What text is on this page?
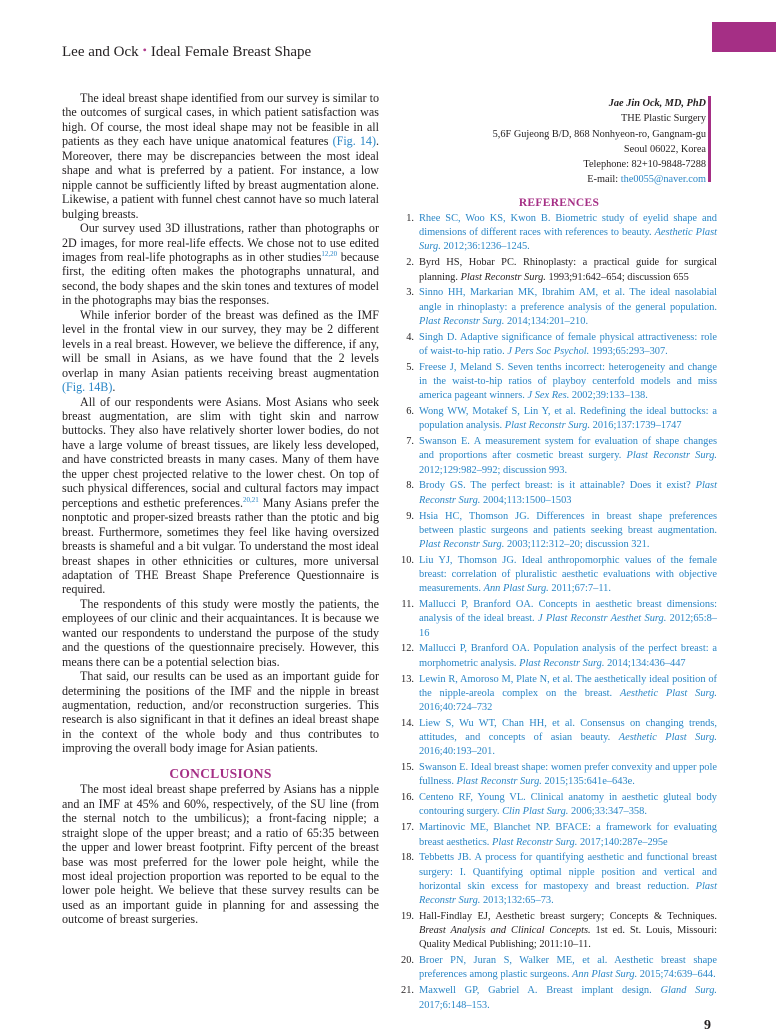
Lee and Ock • Ideal Female Breast Shape

The ideal breast shape identified from our survey is similar to the outcomes of surgical cases, in which patient satisfaction was high. Of course, the most ideal shape may not be feasible in all patients as they each have unique anatomical features (Fig. 14). Moreover, there may be discrepancies between the most ideal shape and what is preferred by a patient. For instance, a low nipple cannot be sufficiently lifted by breast augmentation alone. Likewise, a patient with funnel chest cannot have so much lateral bulging breasts.

Our survey used 3D illustrations, rather than photographs or 2D images, for more real-life effects. We chose not to use edited images from real-life photographs as in other studies$^{12,20}$ because first, the editing often makes the photographs unnatural, and second, the body shapes and the skin tones and textures of model in the photographs may bias the responses.

While inferior border of the breast was defined as the IMF level in the frontal view in our survey, they may be 2 different levels in a real breast. However, we believe the difference, if any, will be small in Asians, as we have found that the 2 levels overlap in many Asian patients receiving breast augmentation (Fig. 14B).

All of our respondents were Asians. Most Asians who seek breast augmentation, are slim with tight skin and narrow buttocks. They also have relatively shorter lower bodies, do not have a large volume of breast tissues, are likely less developed, and have constricted breasts in many cases. Many of them have the upper chest projected relative to the lower chest. On top of such physical differences, social and cultural factors may impact perceptions and esthetic preferences.$^{20,21}$ Many Asians prefer the nonptotic and proper-sized breasts rather than the ptotic and big breast. Furthermore, sometimes they feel like having oversized breasts is shameful and a bit vulgar. To understand the most ideal breast shapes in other ethnicities or cultures, more universal adaptation of THE Breast Shape Preference Questionnaire is required.

The respondents of this study were mostly the patients, the employees of our clinic and their acquaintances. It is because we wanted our respondents to understand the purpose of the study and the questions of the questionnaire precisely. However, this means there can be a potential selection bias.

That said, our results can be used as an important guide for determining the positions of the IMF and the nipple in breast augmentation, reduction, and/or reconstruction surgeries. This research is also significant in that it defines an ideal breast shape in the context of the whole body and thus contributes to improving the overall body image for Asian patients.

CONCLUSIONS

The most ideal breast shape preferred by Asians has a nipple and an IMF at 45% and 60%, respectively, of the SU line (from the sternal notch to the umbilicus); a front-facing nipple; a straight slope of the upper breast; and a ratio of 65:35 between the upper and lower breast footprint. Fifty percent of the breast base was most preferred for the lower pole height, while the most ideal projection proportion was reported to be equal to the lower pole height. We believe that these survey results can be used as an important guide in planning for and assessing the outcome of breast surgeries.

Jae Jin Ock, MD, PhD
THE Plastic Surgery
5,6F Gujeong B/D, 868 Nonhyeon-ro, Gangnam-gu
Seoul 06022, Korea
Telephone: 82+10-9848-7288
E-mail: the0055@naver.com
REFERENCES
1. Rhee SC, Woo KS, Kwon B. Biometric study of eyelid shape and dimensions of different races with references to beauty. Aesthetic Plast Surg. 2012;36:1236–1245.
2. Byrd HS, Hobar PC. Rhinoplasty: a practical guide for surgical planning. Plast Reconstr Surg. 1993;91:642–654; discussion 655
3. Sinno HH, Markarian MK, Ibrahim AM, et al. The ideal nasolabial angle in rhinoplasty: a preference analysis of the general population. Plast Reconstr Surg. 2014;134:201–210.
4. Singh D. Adaptive significance of female physical attractiveness: role of waist-to-hip ratio. J Pers Soc Psychol. 1993;65:293–307.
5. Freese J, Meland S. Seven tenths incorrect: heterogeneity and change in the waist-to-hip ratios of playboy centerfold models and miss america pageant winners. J Sex Res. 2002;39:133–138.
6. Wong WW, Motakef S, Lin Y, et al. Redefining the ideal buttocks: a population analysis. Plast Reconstr Surg. 2016;137:1739–1747
7. Swanson E. A measurement system for evaluation of shape changes and proportions after cosmetic breast surgery. Plast Reconstr Surg. 2012;129:982–992; discussion 993.
8. Brody GS. The perfect breast: is it attainable? Does it exist? Plast Reconstr Surg. 2004;113:1500–1503
9. Hsia HC, Thomson JG. Differences in breast shape preferences between plastic surgeons and patients seeking breast augmentation. Plast Reconstr Surg. 2003;112:312–20; discussion 321.
10. Liu YJ, Thomson JG. Ideal anthropomorphic values of the female breast: correlation of pluralistic aesthetic evaluations with objective measurements. Ann Plast Surg. 2011;67:7–11.
11. Mallucci P, Branford OA. Concepts in aesthetic breast dimensions: analysis of the ideal breast. J Plast Reconstr Aesthet Surg. 2012;65:8–16
12. Mallucci P, Branford OA. Population analysis of the perfect breast: a morphometric analysis. Plast Reconstr Surg. 2014;134:436–447
13. Lewin R, Amoroso M, Plate N, et al. The aesthetically ideal position of the nipple-areola complex on the breast. Aesthetic Plast Surg. 2016;40:724–732
14. Liew S, Wu WT, Chan HH, et al. Consensus on changing trends, attitudes, and concepts of asian beauty. Aesthetic Plast Surg. 2016;40:193–201.
15. Swanson E. Ideal breast shape: women prefer convexity and upper pole fullness. Plast Reconstr Surg. 2015;135:641e–643e.
16. Centeno RF, Young VL. Clinical anatomy in aesthetic gluteal body contouring surgery. Clin Plast Surg. 2006;33:347–358.
17. Martinovic ME, Blanchet NP. BFACE: a framework for evaluating breast aesthetics. Plast Reconstr Surg. 2017;140:287e–295e
18. Tebbetts JB. A process for quantifying aesthetic and functional breast surgery: I. Quantifying optimal nipple position and vertical and horizontal skin excess for mastopexy and breast reduction. Plast Reconstr Surg. 2013;132:65–73.
19. Hall-Findlay EJ, Aesthetic breast surgery; Concepts & Techniques. Breast Analysis and Clinical Concepts. 1st ed. St. Louis, Missouri: Quality Medical Publishing; 2011:10–11.
20. Broer PN, Juran S, Walker ME, et al. Aesthetic breast shape preferences among plastic surgeons. Ann Plast Surg. 2015;74:639–644.
21. Maxwell GP, Gabriel A. Breast implant design. Gland Surg. 2017;6:148–153.
9
